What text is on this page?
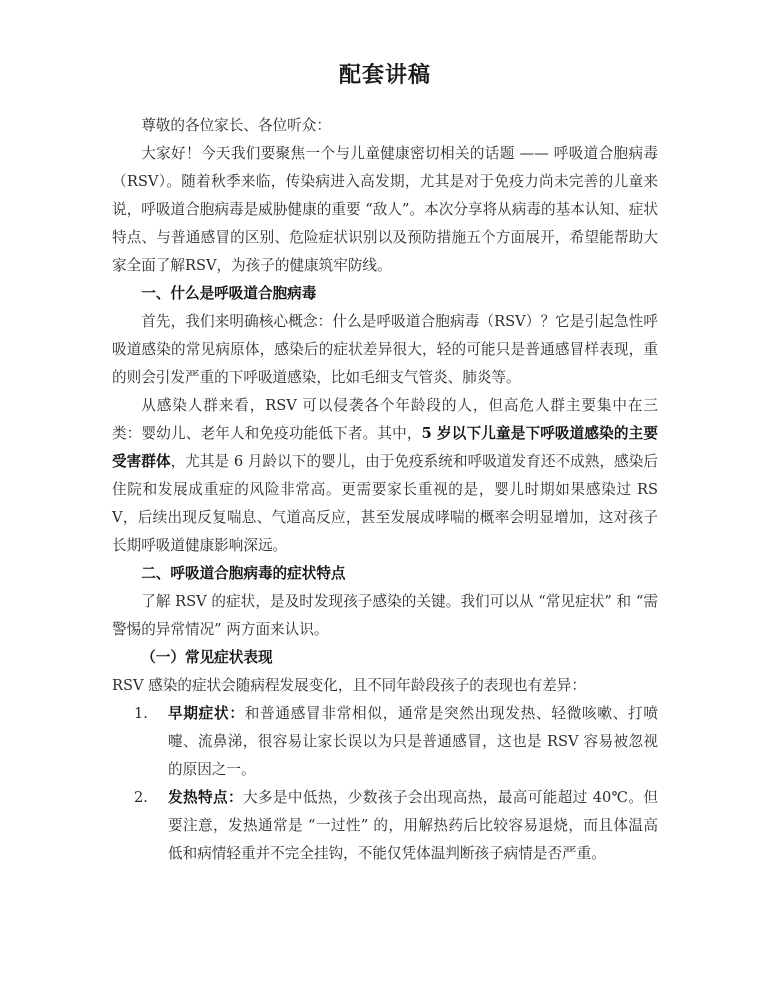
配套讲稿

尊敬的各位家长、各位听众：

大家好！今天我们要聚焦一个与儿童健康密切相关的话题 —— 呼吸道合胞病毒（RSV）。随着秋季来临，传染病进入高发期，尤其是对于免疫力尚未完善的儿童来说，呼吸道合胞病毒是威胁健康的重要 “敌人”。本次分享将从病毒的基本认知、症状特点、与普通感冒的区别、危险症状识别以及预防措施五个方面展开，希望能帮助大家全面了解RSV，为孩子的健康筑牢防线。

一、什么是呼吸道合胞病毒

首先，我们来明确核心概念：什么是呼吸道合胞病毒（RSV）？它是引起急性呼吸道感染的常见病原体，感染后的症状差异很大，轻的可能只是普通感冒样表现，重的则会引发严重的下呼吸道感染，比如毛细支气管炎、肺炎等。

从感染人群来看，RSV 可以侵袭各个年龄段的人，但高危人群主要集中在三类：婴幼儿、老年人和免疫功能低下者。其中，5 岁以下儿童是下呼吸道感染的主要受害群体，尤其是 6 月龄以下的婴儿，由于免疫系统和呼吸道发育还不成熟，感染后住院和发展成重症的风险非常高。更需要家长重视的是，婴儿时期如果感染过 RSV，后续出现反复喘息、气道高反应，甚至发展成哮喘的概率会明显增加，这对孩子长期呼吸道健康影响深远。

二、呼吸道合胞病毒的症状特点

了解 RSV 的症状，是及时发现孩子感染的关键。我们可以从 “常见症状” 和 “需警惕的异常情况” 两方面来认识。

（一）常见症状表现

RSV 感染的症状会随病程发展变化，且不同年龄段孩子的表现也有差异：

早期症状：和普通感冒非常相似，通常是突然出现发热、轻微咳嗽、打喷嚏、流鼻涕，很容易让家长误以为只是普通感冒，这也是 RSV 容易被忽视的原因之一。
发热特点：大多是中低热，少数孩子会出现高热，最高可能超过 40℃。但要注意，发热通常是 “一过性” 的，用解热药后比较容易退烧，而且体温高低和病情轻重并不完全挂钩，不能仅凭体温判断孩子病情是否严重。
